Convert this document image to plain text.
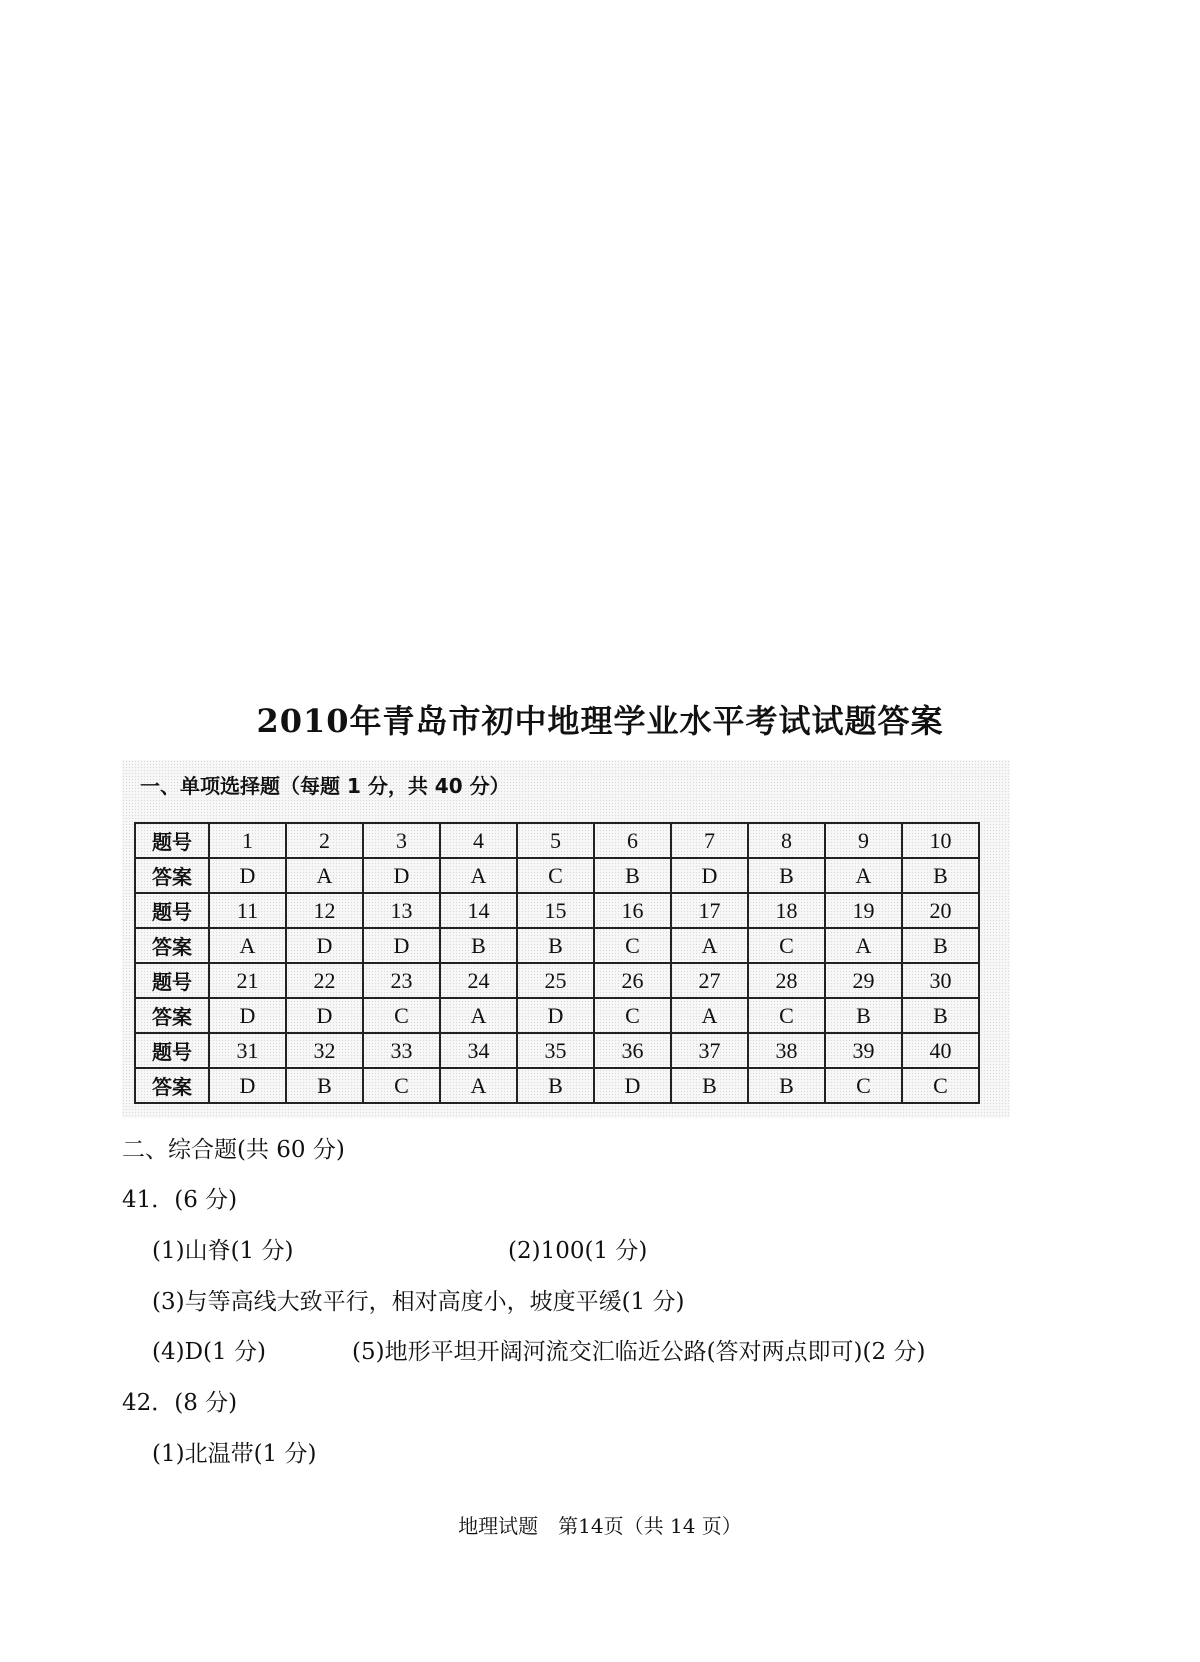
2010年青岛市初中地理学业水平考试试题答案
一、单项选择题（每题 1 分，共 40 分）
题号	1	2	3	4	5	6	7	8	9	10
答案	D	A	D	A	C	B	D	B	A	B
题号	11	12	13	14	15	16	17	18	19	20
答案	A	D	D	B	B	C	A	C	A	B
题号	21	22	23	24	25	26	27	28	29	30
答案	D	D	C	A	D	C	A	C	B	B
题号	31	32	33	34	35	36	37	38	39	40
答案	D	B	C	A	B	D	B	B	C	C
二、综合题(共 60 分)
41．(6 分)
(1)山脊(1 分)	(2)100(1 分)
(3)与等高线大致平行，相对高度小，坡度平缓(1 分)
(4)D(1 分)	(5)地形平坦开阔河流交汇临近公路(答对两点即可)(2 分)
42．(8 分)
(1)北温带(1 分)
地理试题　第14页（共 14 页）
